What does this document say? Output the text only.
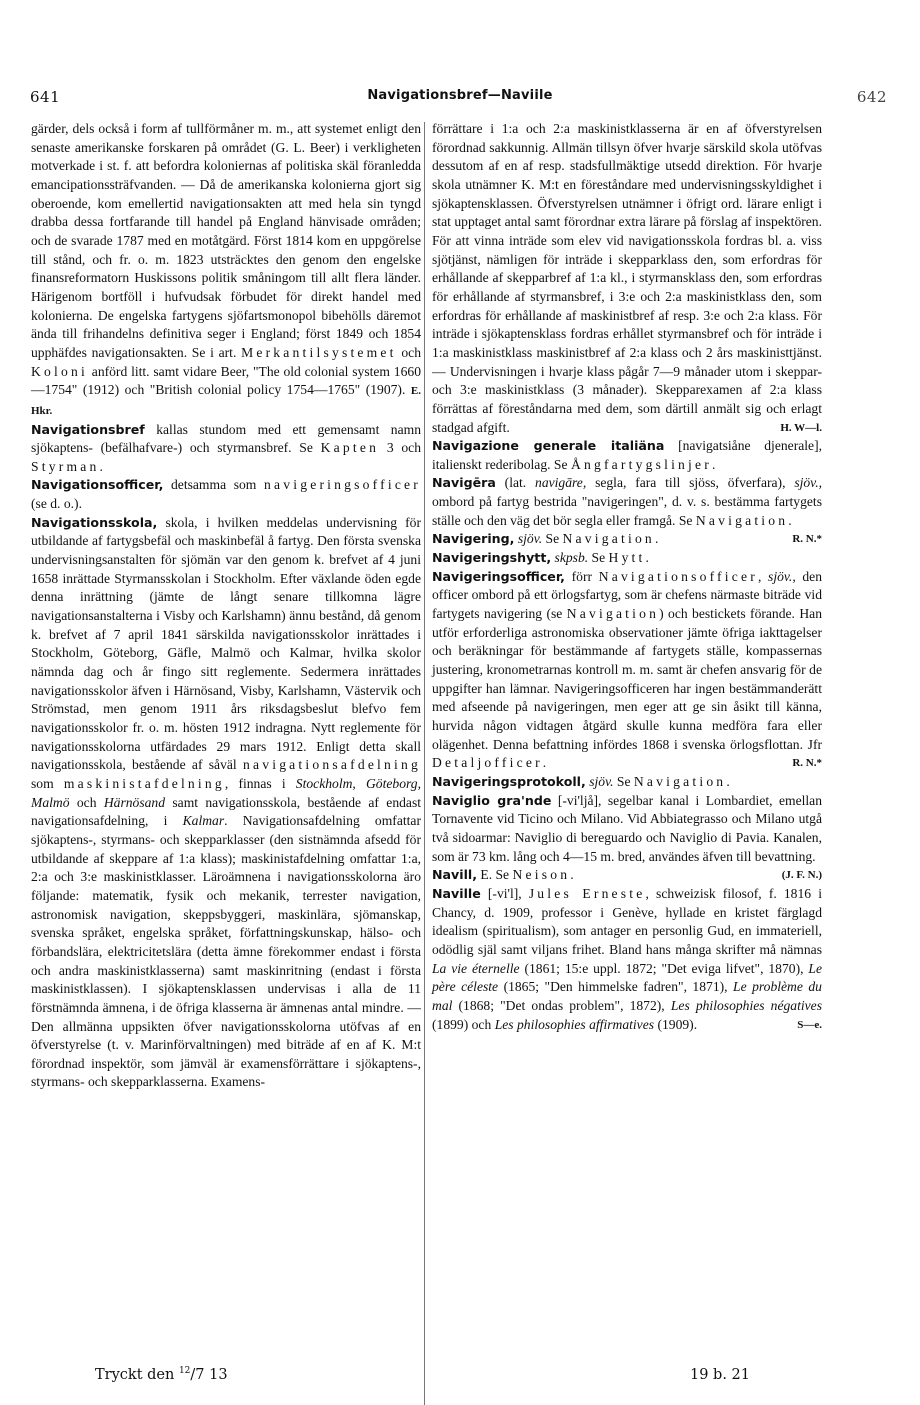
641	Navigationsbref—Naviile	642

gärder, dels också i form af tullförmåner m. m., att systemet enligt den senaste amerikanske forskaren på området (G. L. Beer) i verkligheten motverkade i st. f. att befordra koloniernas af politiska skäl föranledda emancipationssträfvanden. — Då de amerikanska kolonierna gjort sig oberoende, kom emellertid navigationsakten att med hela sin tyngd drabba dessa fortfarande till handel på England hänvisade områden; och de svarade 1787 med en motåtgärd. Först 1814 kom en uppgörelse till stånd, och fr. o. m. 1823 utsträcktes den genom den engelske finansreformatorn Huskissons politik småningom till allt flera länder. Härigenom bortföll i hufvudsak förbudet för direkt handel med kolonierna. De engelska fartygens sjöfartsmonopol bibehölls däremot ända till frihandelns definitiva seger i England; först 1849 och 1854 upphäfdes navigationsakten. Se i art. Merkantilsystemet och Koloni anförd litt. samt vidare Beer, "The old colonial system 1660—1754" (1912) och "British colonial policy 1754—1765" (1907). E. Hkr.

Navigationsbref kallas stundom med ett gemensamt namn sjökaptens- (befälhafvare-) och styrmansbref. Se Kapten 3 och Styrman.

Navigationsofficer, detsamma som navigeringsofficer (se d. o.).

Navigationsskola, skola, i hvilken meddelas undervisning för utbildande af fartygsbefäl och maskinbefäl å fartyg. Den första svenska undervisningsanstalten för sjömän var den genom k. brefvet af 4 juni 1658 inrättade Styrmansskolan i Stockholm. Efter växlande öden egde denna inrättning (jämte de långt senare tillkomna lägre navigationsanstalterna i Visby och Karlshamn) ännu bestånd, då genom k. brefvet af 7 april 1841 särskilda navigationsskolor inrättades i Stockholm, Göteborg, Gäfle, Malmö och Kalmar, hvilka skolor nämnda dag och år fingo sitt reglemente. Sedermera inrättades navigationsskolor äfven i Härnösand, Visby, Karlshamn, Västervik och Strömstad, men genom 1911 års riksdagsbeslut blefvo fem navigationsskolor fr. o. m. hösten 1912 indragna. Nytt reglemente för navigationsskolorna utfärdades 29 mars 1912. Enligt detta skall navigationsskola, bestående af såväl navigationsafdelning som maskinistafdelning, finnas i Stockholm, Göteborg, Malmö och Härnösand samt navigationsskola, bestående af endast navigationsafdelning, i Kalmar. Navigationsafdelning omfattar sjökaptens-, styrmans- och skepparklasser (den sistnämnda afsedd för utbildande af skeppare af 1:a klass); maskinistafdelning omfattar 1:a, 2:a och 3:e maskinistklasser. Läroämnena i navigationsskolorna äro följande: matematik, fysik och mekanik, terrester navigation, astronomisk navigation, skeppsbyggeri, maskinlära, sjömanskap, svenska språket, engelska språket, författningskunskap, hälso- och förbandslära, elektricitetslära (detta ämne förekommer endast i första och andra maskinistklasserna) samt maskinritning (endast i första maskinistklassen). I sjökaptensklassen undervisas i alla de 11 förstnämnda ämnena, i de öfriga klasserna är ämnenas antal mindre. — Den allmänna uppsikten öfver navigationsskolorna utöfvas af en öfverstyrelse (t. v. Marinförvaltningen) med biträde af en af K. M:t förordnad inspektör, som jämväl är examensförrättare i sjökaptens-, styrmans- och skepparklasserna. Examens-

förrättare i 1:a och 2:a maskinistklasserna är en af öfverstyrelsen förordnad sakkunnig. Allmän tillsyn öfver hvarje särskild skola utöfvas dessutom af en af resp. stadsfullmäktige utsedd direktion. För hvarje skola utnämner K. M:t en föreståndare med undervisningsskyldighet i sjökaptensklassen. Öfverstyrelsen utnämner i öfrigt ord. lärare enligt i stat upptaget antal samt förordnar extra lärare på förslag af inspektören. För att vinna inträde som elev vid navigationsskola fordras bl. a. viss sjötjänst, nämligen för inträde i skepparklass den, som erfordras för erhållande af skepparbref af 1:a kl., i styrmansklass den, som erfordras för erhållande af styrmansbref, i 3:e och 2:a maskinistklass den, som erfordras för erhållande af maskinistbref af resp. 3:e och 2:a klass. För inträde i sjökaptensklass fordras erhållet styrmansbref och för inträde i 1:a maskinistklass maskinistbref af 2:a klass och 2 års maskinisttjänst. — Undervisningen i hvarje klass pågår 7—9 månader utom i skeppar- och 3:e maskinistklass (3 månader). Skepparexamen af 2:a klass förrättas af föreståndarna med dem, som därtill anmält sig och erlagt stadgad afgift.	H. W—l.

Navigazione generale italiäna [navigatsiåne djenerale], italienskt rederibolag. Se Ångfartygslinjer.

Navigēra (lat. navigāre, segla, fara till sjöss, öfverfara), sjöv., ombord på fartyg bestrida "navigeringen", d. v. s. bestämma fartygets ställe och den väg det bör segla eller framgå. Se Navigation.
R. N.*

Navigering, sjöv. Se Navigation.

Navigeringshytt, skpsb. Se Hytt.

Navigeringsofficer, förr Navigationsofficer, sjöv., den officer ombord på ett örlogsfartyg, som är chefens närmaste biträde vid fartygets navigering (se Navigation) och bestickets förande. Han utför erforderliga astronomiska observationer jämte öfriga iakttagelser och beräkningar för bestämmande af fartygets ställe, kompassernas justering, kronometrarnas kontroll m. m. samt är chefen ansvarig för de uppgifter han lämnar. Navigeringsofficeren har ingen bestämmanderätt med afseende på navigeringen, men eger att ge sin åsikt till känna, hurvida någon vidtagen åtgärd skulle kunna medföra fara eller olägenhet. Denna befattning infördes 1868 i svenska örlogsflottan. Jfr Detaljofficer.	R. N.*

Navigeringsprotokoll, sjöv. Se Navigation.

Naviglio gra'nde [-vi'ljå], segelbar kanal i Lombardiet, emellan Tornavente vid Ticino och Milano. Vid Abbiategrasso och Milano utgå två sidoarmar: Naviglio di bereguardo och Naviglio di Pavia. Kanalen, som är 73 km. lång och 4—15 m. bred, användes äfven till bevattning.
(J. F. N.)

Navill, E. Se Neison.

Naville [-vi'l], Jules Erneste, schweizisk filosof, f. 1816 i Chancy, d. 1909, professor i Genève, hyllade en kristet färglagd idealism (spiritualism), som antager en personlig Gud, en immateriell, odödlig själ samt viljans frihet. Bland hans många skrifter må nämnas La vie éternelle (1861; 15:e uppl. 1872; "Det eviga lifvet", 1870), Le père céleste (1865; "Den himmelske fadren", 1871), Le problème du mal (1868; "Det ondas problem", 1872), Les philosophies négatives (1899) och Les philosophies affirmatives (1909).	S—e.

Tryckt den $^{12}$/7 13	19 b. 21
